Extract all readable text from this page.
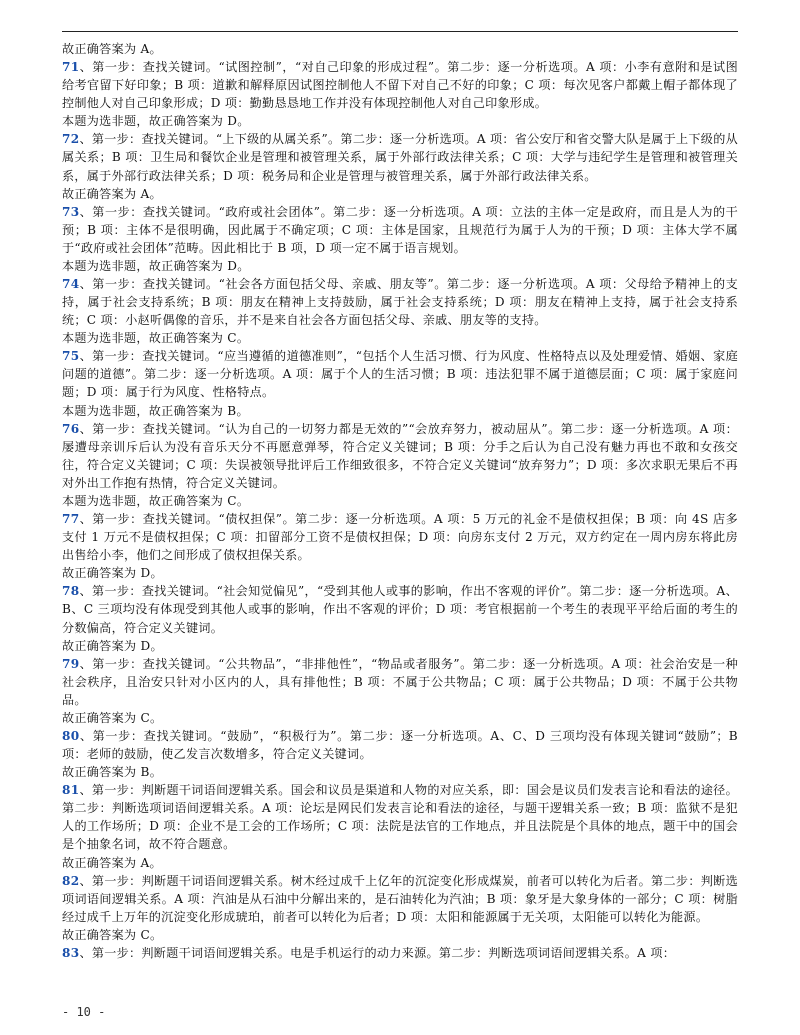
故正确答案为 A。

71、第一步：查找关键词。“试图控制”，“对自己印象的形成过程”。第二步：逐一分析选项。A 项：小李有意附和是试图给考官留下好印象；B 项：道歉和解释原因试图控制他人不留下对自己不好的印象；C 项：每次见客户都戴上帽子都体现了控制他人对自己印象形成；D 项：勤勤恳恳地工作并没有体现控制他人对自己印象形成。

本题为选非题，故正确答案为 D。

72、第一步：查找关键词。“上下级的从属关系”。第二步：逐一分析选项。A 项：省公安厅和省交警大队是属于上下级的从属关系；B 项：卫生局和餐饮企业是管理和被管理关系，属于外部行政法律关系；C 项：大学与违纪学生是管理和被管理关系，属于外部行政法律关系；D 项：税务局和企业是管理与被管理关系，属于外部行政法律关系。

故正确答案为 A。

73、第一步：查找关键词。“政府或社会团体”。第二步：逐一分析选项。A 项：立法的主体一定是政府，而且是人为的干预；B 项：主体不是很明确，因此属于不确定项；C 项：主体是国家，且规范行为属于人为的干预；D 项：主体大学不属于“政府或社会团体”范畴。因此相比于 B 项，D 项一定不属于语言规划。

本题为选非题，故正确答案为 D。

74、第一步：查找关键词。“社会各方面包括父母、亲戚、朋友等”。第二步：逐一分析选项。A 项：父母给予精神上的支持，属于社会支持系统；B 项：朋友在精神上支持鼓励，属于社会支持系统；D 项：朋友在精神上支持，属于社会支持系统；C 项：小赵听偶像的音乐，并不是来自社会各方面包括父母、亲戚、朋友等的支持。

本题为选非题，故正确答案为 C。

75、第一步：查找关键词。“应当遵循的道德准则”，“包括个人生活习惯、行为风度、性格特点以及处理爱情、婚姻、家庭问题的道德”。第二步：逐一分析选项。A 项：属于个人的生活习惯；B 项：违法犯罪不属于道德层面；C 项：属于家庭问题；D 项：属于行为风度、性格特点。

本题为选非题，故正确答案为 B。

76、第一步：查找关键词。“认为自己的一切努力都是无效的”“会放弃努力，被动屈从”。第二步：逐一分析选项。A 项：屡遭母亲训斥后认为没有音乐天分不再愿意弹琴，符合定义关键词；B 项：分手之后认为自己没有魅力再也不敢和女孩交往，符合定义关键词；C 项：失误被领导批评后工作细致很多，不符合定义关键词“放弃努力”；D 项：多次求职无果后不再对外出工作抱有热情，符合定义关键词。

本题为选非题，故正确答案为 C。

77、第一步：查找关键词。“债权担保”。第二步：逐一分析选项。A 项：5 万元的礼金不是债权担保；B 项：向 4S 店多支付 1 万元不是债权担保；C 项：扣留部分工资不是债权担保；D 项：向房东支付 2 万元，双方约定在一周内房东将此房出售给小李，他们之间形成了债权担保关系。

故正确答案为 D。

78、第一步：查找关键词。“社会知觉偏见”，“受到其他人或事的影响，作出不客观的评价”。第二步：逐一分析选项。A、B、C 三项均没有体现受到其他人或事的影响，作出不客观的评价；D 项：考官根据前一个考生的表现平平给后面的考生的分数偏高，符合定义关键词。

故正确答案为 D。

79、第一步：查找关键词。“公共物品”，“非排他性”，“物品或者服务”。第二步：逐一分析选项。A 项：社会治安是一种社会秩序，且治安只针对小区内的人，具有排他性；B 项：不属于公共物品；C 项：属于公共物品；D 项：不属于公共物品。

故正确答案为 C。

80、第一步：查找关键词。“鼓励”，“积极行为”。第二步：逐一分析选项。A、C、D 三项均没有体现关键词“鼓励”；B 项：老师的鼓励，使乙发言次数增多，符合定义关键词。

故正确答案为 B。

81、第一步：判断题干词语间逻辑关系。国会和议员是渠道和人物的对应关系，即：国会是议员们发表言论和看法的途径。第二步：判断选项词语间逻辑关系。A 项：论坛是网民们发表言论和看法的途径，与题干逻辑关系一致；B 项：监狱不是犯人的工作场所；D 项：企业不是工会的工作场所；C 项：法院是法官的工作地点，并且法院是个具体的地点，题干中的国会是个抽象名词，故不符合题意。

故正确答案为 A。

82、第一步：判断题干词语间逻辑关系。树木经过成千上亿年的沉淀变化形成煤炭，前者可以转化为后者。第二步：判断选项词语间逻辑关系。A 项：汽油是从石油中分解出来的，是石油转化为汽油；B 项：象牙是大象身体的一部分；C 项：树脂经过成千上万年的沉淀变化形成琥珀，前者可以转化为后者；D 项：太阳和能源属于无关项，太阳能可以转化为能源。

故正确答案为 C。

83、第一步：判断题干词语间逻辑关系。电是手机运行的动力来源。第二步：判断选项词语间逻辑关系。A 项：

- 10 -
